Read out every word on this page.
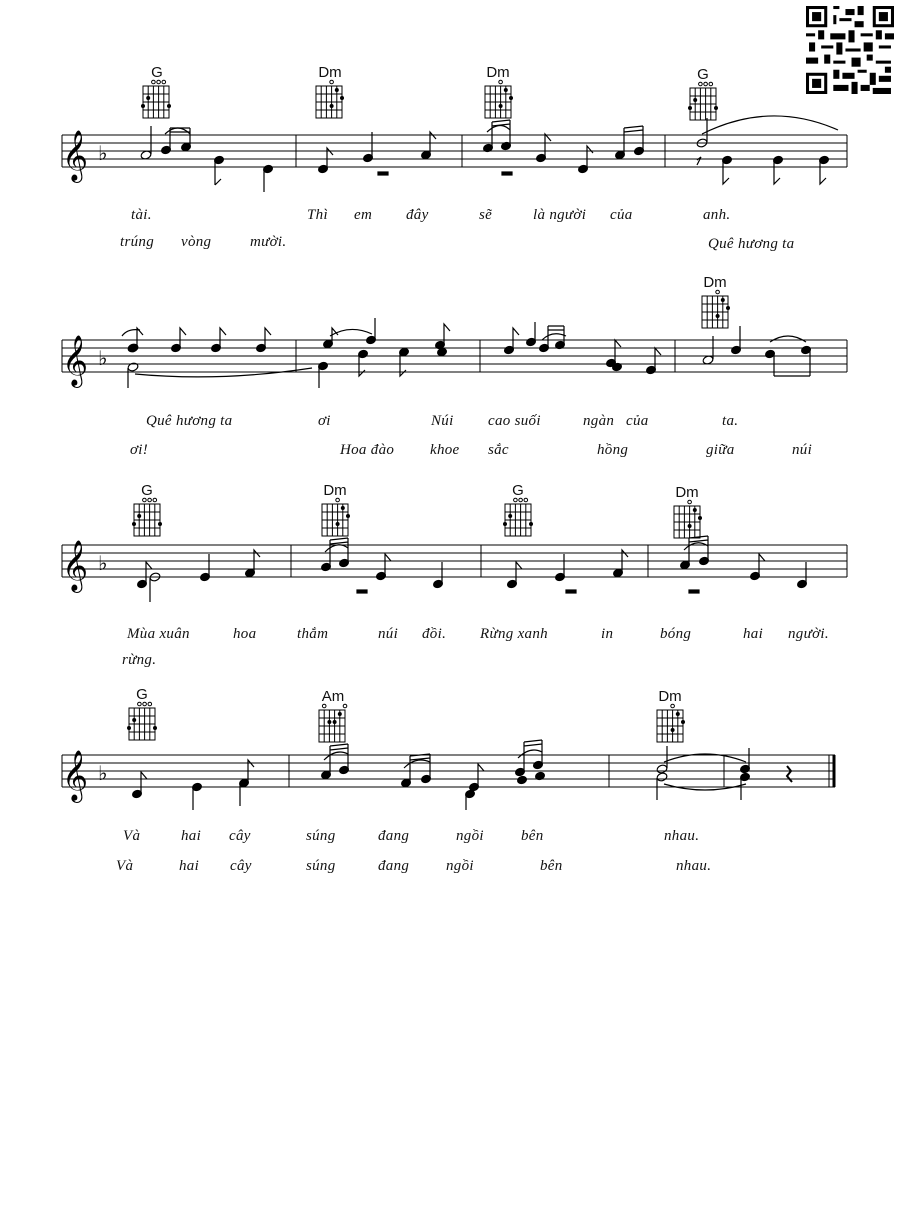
G	Dm	Dm	G
𝄞 ♭
tài.	Thì em đây	sẽ	là người của	anh.
trúng vòng	mười.	Quê hương ta
Dm
𝄞 ♭
Quê hương ta	ơi	Núi cao suối	ngàn của	ta.
ơi!	Hoa đào khoe sắc	hồng	giữa	núi
G	Dm	G	Dm
𝄞 ♭
Mùa xuân	hoa	thắm	núi đồi. Rừng xanh	in	bóng	hai người.
rừng.
G	Am	Dm
𝄞 ♭
Và	hai cây	súng	đang	ngồi bên	nhau.
Và	hai cây	súng	đang ngồi	bên	nhau.
